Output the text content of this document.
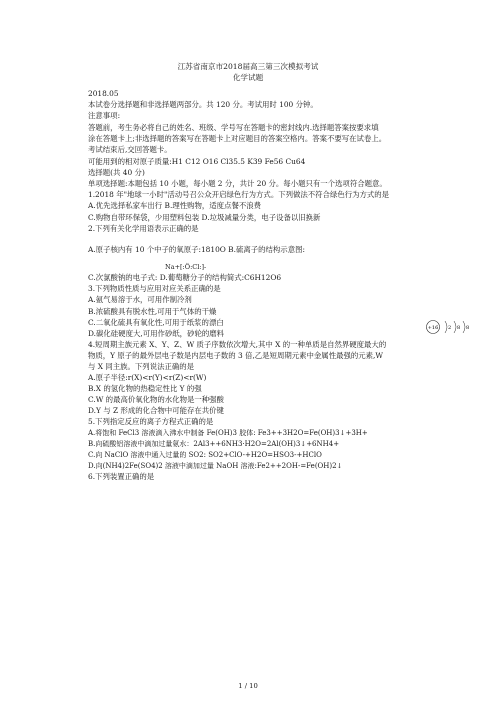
江苏省南京市2018届高三第三次模拟考试
化学试题
2018.05
本试卷分选择题和非选择题两部分。共 120 分。考试用时 100 分钟。
注意事项:
答题前，考生务必将自己的姓名、班级、学号写在答题卡的密封线内.选择题答案按要求填
涂在答题卡上;非选择题的答案写在答题卡上对应题目的答案空格内。答案不要写在试卷上。
考试结束后,交回答题卡。
可能用到的相对原子质量:H1 C12 O16 Cl35.5 K39 Fe56 Cu64
选择题(共 40 分)
单项选择题:本题包括 10 小题，每小题 2 分，共计 20 分。每小题只有一个选项符合题意。
1.2018 年"地球一小时"活动号召公众开启绿色行为方式。下列做法不符合绿色行为方式的是
A.优先选择私家车出行 B.理性购物，适度点餐不浪费
C.购物自带环保袋，少用塑料包装 D.垃圾减量分类，电子设备以旧换新
2.下列有关化学用语表示正确的是
A.原子核内有 10 个中子的氧原子:1810O B.硫离子的结构示意图:
+16 2 8 8
Na+[:Ö:Cl:]-
C.次氯酸钠的电子式: D.葡萄糖分子的结构简式:C6H12O6
3.下列物质性质与应用对应关系正确的是
A.氨气易溶于水，可用作制冷剂
B.浓硫酸具有脱水性,可用于气体的干燥
C.二氧化硫具有氧化性,可用于纸浆的漂白
D.碳化硅硬度大,可用作砂纸，砂轮的磨料
4.短周期主族元素 X、Y、Z、W 质子序数依次增大,其中 X 的一种单质是自然界硬度最大的
物质，Y 原子的最外层电子数是内层电子数的 3 倍,乙是短周期元素中金属性最强的元素,W
与 X 同主族。下列说法正确的是
A.原子半径:r(X)<r(Y)<r(Z)<r(W)
B.X 的氢化物的热稳定性比 Y 的强
C.W 的最高价氧化物的水化物是一种强酸
D.Y 与 Z 形成的化合物中可能存在共价键
5.下列指定反应的离子方程式正确的是
A.将饱和 FeCl3 溶液滴入沸水中制备 Fe(OH)3 胶体: Fe3++3H2O=Fe(OH)3↓+3H+
B.向硫酸铝溶液中滴加过量氨水：2Al3++6NH3·H2O=2Al(OH)3↓+6NH4+
C.向 NaClO 溶液中通入过量的 SO2: SO2+ClO-+H2O=HSO3-+HClO
D.向(NH4)2Fe(SO4)2 溶液中滴加过量 NaOH 溶液:Fe2++2OH-=Fe(OH)2↓
6.下列装置正确的是
1 / 10
